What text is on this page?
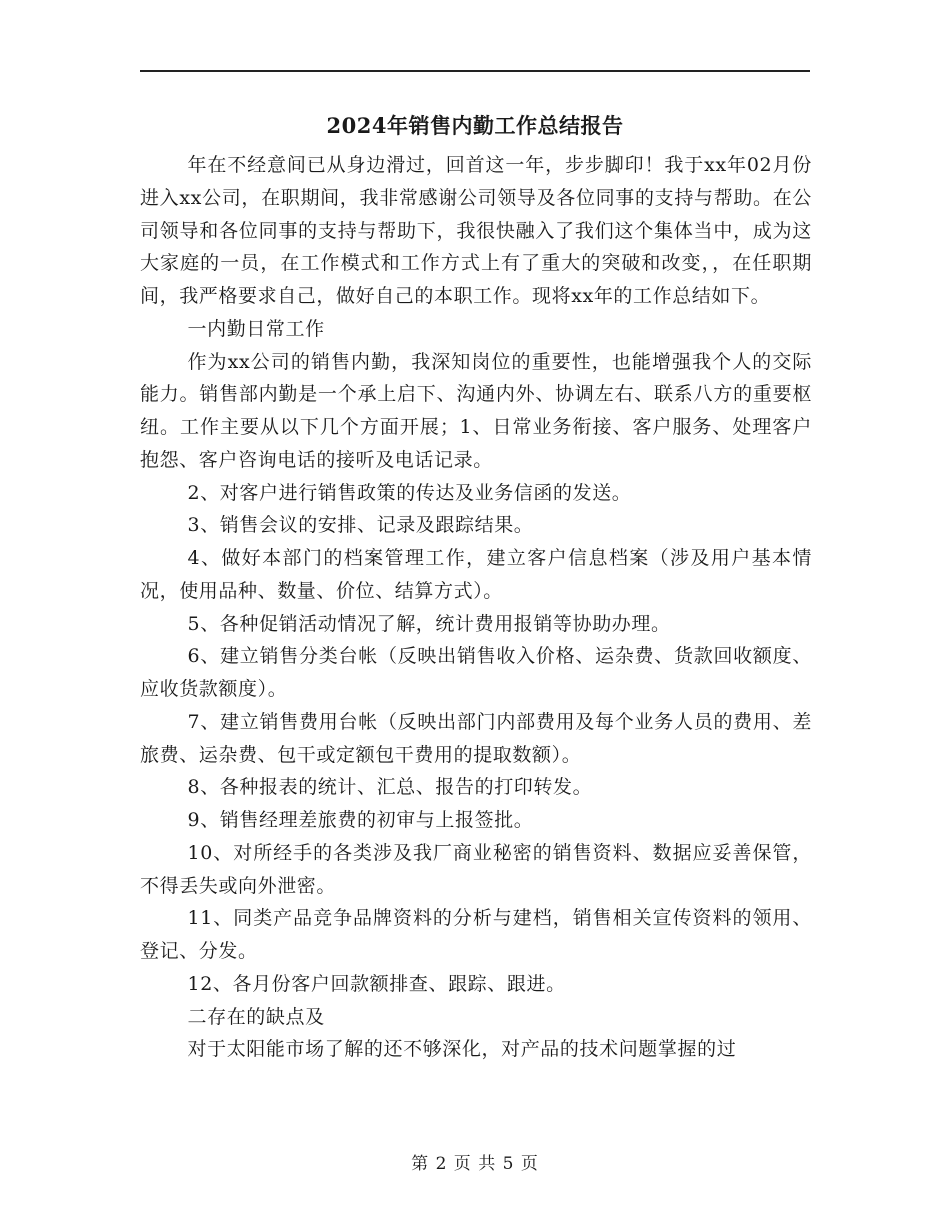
2024年销售内勤工作总结报告

年在不经意间已从身边滑过，回首这一年，步步脚印！我于xx年02月份进入xx公司，在职期间，我非常感谢公司领导及各位同事的支持与帮助。在公司领导和各位同事的支持与帮助下，我很快融入了我们这个集体当中，成为这大家庭的一员，在工作模式和工作方式上有了重大的突破和改变，，在任职期间，我严格要求自己，做好自己的本职工作。现将xx年的工作总结如下。

一内勤日常工作

作为xx公司的销售内勤，我深知岗位的重要性，也能增强我个人的交际能力。销售部内勤是一个承上启下、沟通内外、协调左右、联系八方的重要枢纽。工作主要从以下几个方面开展；1、日常业务衔接、客户服务、处理客户抱怨、客户咨询电话的接听及电话记录。

2、对客户进行销售政策的传达及业务信函的发送。

3、销售会议的安排、记录及跟踪结果。

4、做好本部门的档案管理工作，建立客户信息档案（涉及用户基本情况，使用品种、数量、价位、结算方式）。

5、各种促销活动情况了解，统计费用报销等协助办理。

6、建立销售分类台帐（反映出销售收入价格、运杂费、货款回收额度、应收货款额度）。

7、建立销售费用台帐（反映出部门内部费用及每个业务人员的费用、差旅费、运杂费、包干或定额包干费用的提取数额）。

8、各种报表的统计、汇总、报告的打印转发。

9、销售经理差旅费的初审与上报签批。

10、对所经手的各类涉及我厂商业秘密的销售资料、数据应妥善保管，不得丢失或向外泄密。

11、同类产品竞争品牌资料的分析与建档，销售相关宣传资料的领用、登记、分发。

12、各月份客户回款额排查、跟踪、跟进。

二存在的缺点及

对于太阳能市场了解的还不够深化，对产品的技术问题掌握的过

第 2 页 共 5 页
